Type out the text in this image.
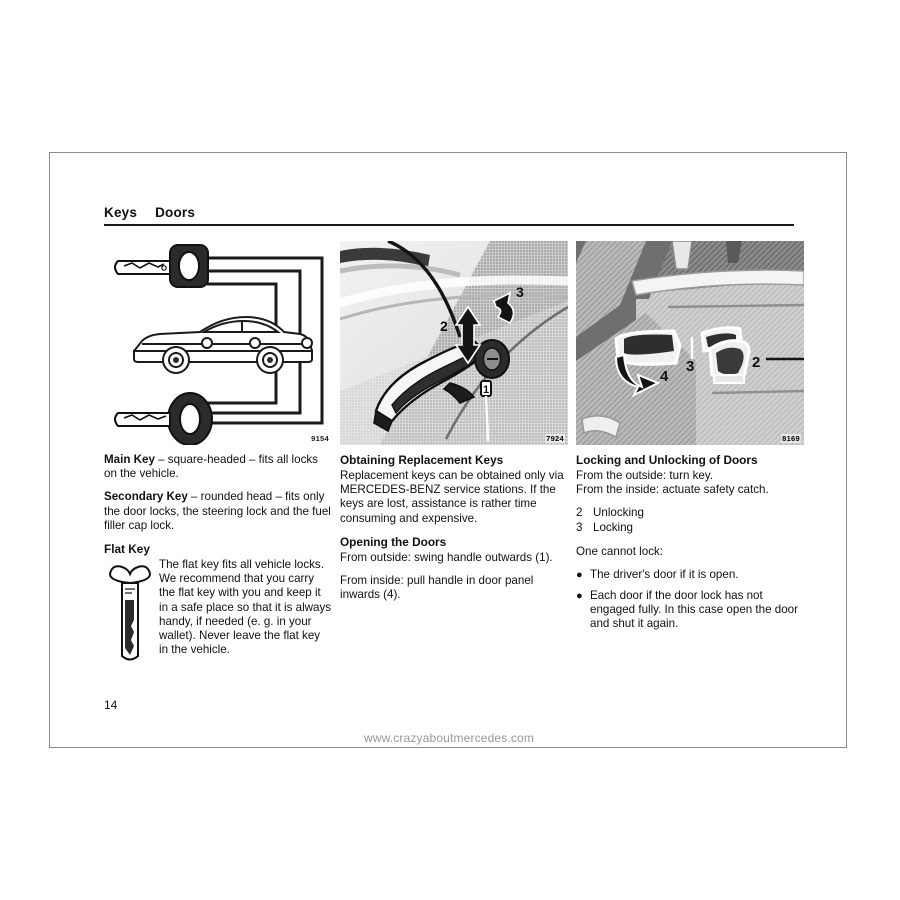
Keys Doors
9154

Main Key – square-headed – fits all locks on the vehicle.

Secondary Key – rounded head – fits only the door locks, the steering lock and the fuel filler cap lock.

Flat Key
The flat key fits all vehicle locks. We recommend that you carry the flat key with you and keep it in a safe place so that it is always handy, if needed (e. g. in your wallet). Never leave the flat key in the vehicle.
1
2
3
7924
Obtaining Replacement Keys

Replacement keys can be obtained only via MERCEDES-BENZ service stations. If the keys are lost, assistance is rather time consuming and expensive.

Opening the Doors

From outside: swing handle outwards (1).

From inside: pull handle in door panel inwards (4).

4
3	2
8169
Locking and Unlocking of Doors

From the outside: turn key.

From the inside: actuate safety catch.

2 Unlocking
3 Locking

One cannot lock:

● The driver's door if it is open.
● Each door if the door lock has not engaged fully. In this case open the door and shut it again.
14
www.crazyaboutmercedes.com
